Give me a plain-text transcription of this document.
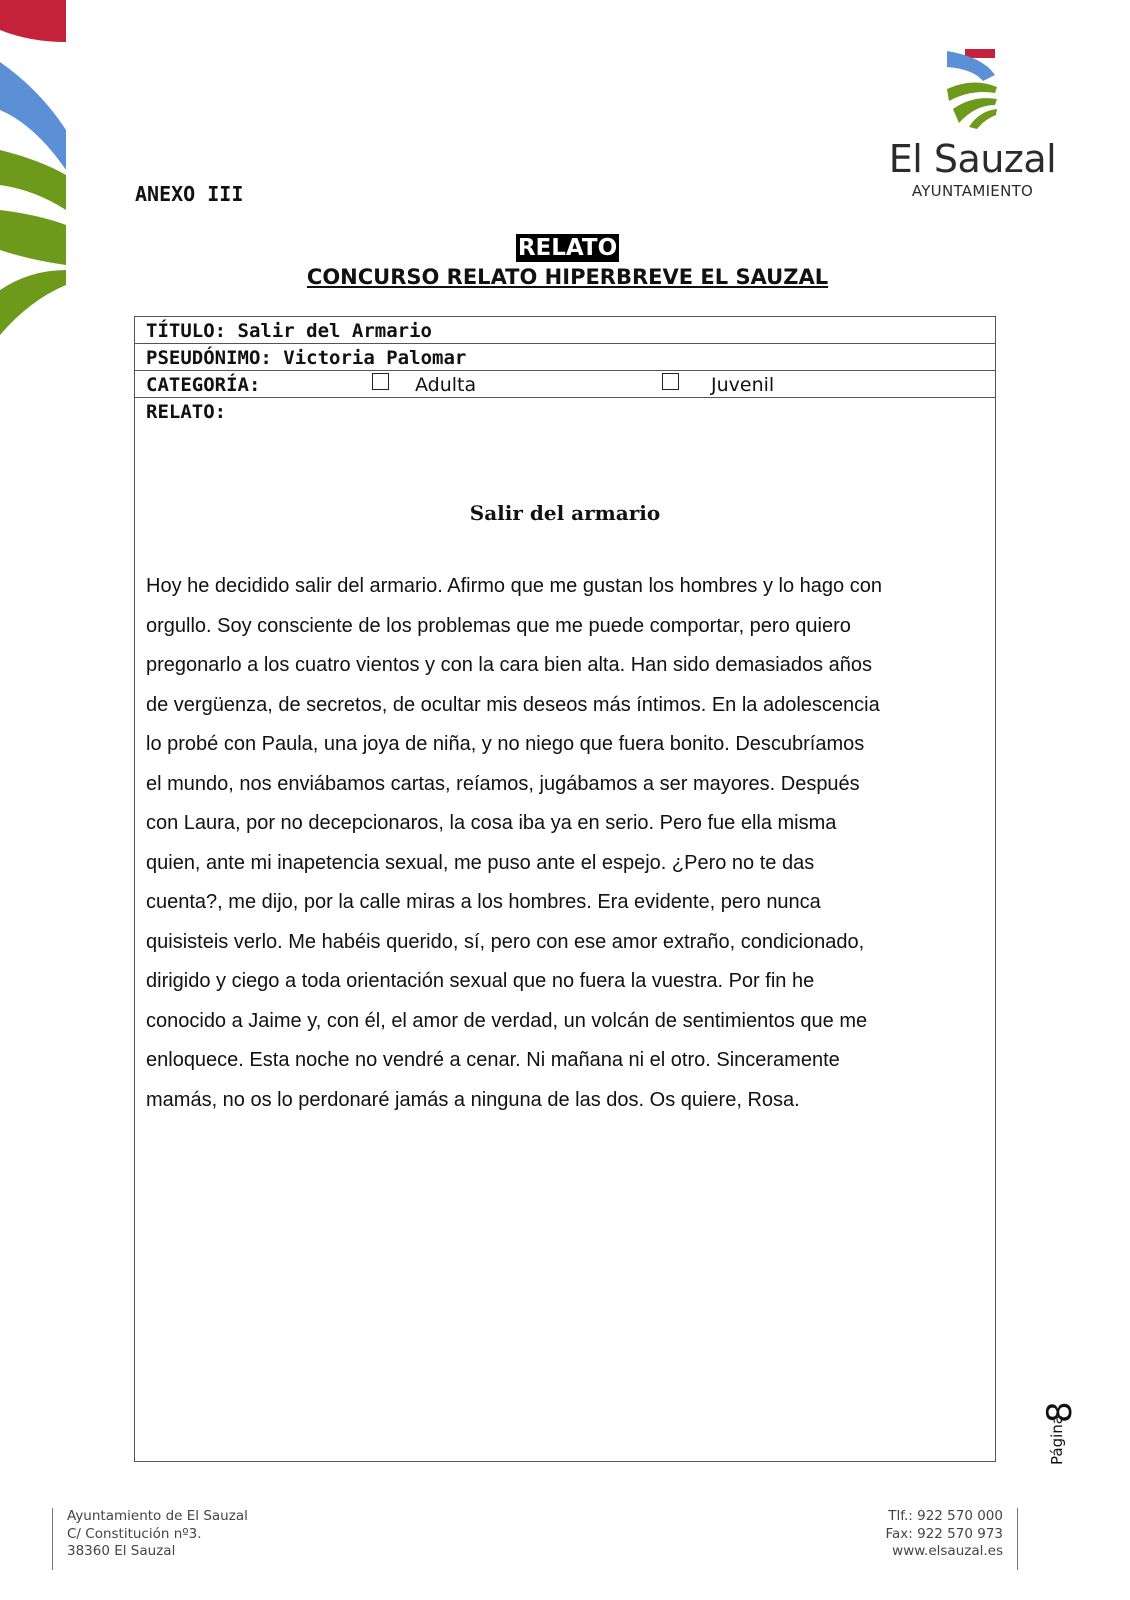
El Sauzal
AYUNTAMIENTO
ANEXO III
RELATO
CONCURSO RELATO HIPERBREVE EL SAUZAL
TÍTULO: Salir del Armario
PSEUDÓNIMO: Victoria Palomar
CATEGORÍA:	Adulta	Juvenil
RELATO:
Salir del armario
Hoy he decidido salir del armario. Afirmo que me gustan los hombres y lo hago con
orgullo. Soy consciente de los problemas que me puede comportar, pero quiero
pregonarlo a los cuatro vientos y con la cara bien alta. Han sido demasiados años
de vergüenza, de secretos, de ocultar mis deseos más íntimos. En la adolescencia
lo probé con Paula, una joya de niña, y no niego que fuera bonito. Descubríamos
el mundo, nos enviábamos cartas, reíamos, jugábamos a ser mayores. Después
con Laura, por no decepcionaros, la cosa iba ya en serio. Pero fue ella misma
quien, ante mi inapetencia sexual, me puso ante el espejo. ¿Pero no te das
cuenta?, me dijo, por la calle miras a los hombres. Era evidente, pero nunca
quisisteis verlo. Me habéis querido, sí, pero con ese amor extraño, condicionado,
dirigido y ciego a toda orientación sexual que no fuera la vuestra. Por fin he
conocido a Jaime y, con él, el amor de verdad, un volcán de sentimientos que me
enloquece. Esta noche no vendré a cenar. Ni mañana ni el otro. Sinceramente
mamás, no os lo perdonaré jamás a ninguna de las dos. Os quiere, Rosa.
Página
8
Ayuntamiento de El Sauzal
C/ Constitución nº3.
38360 El Sauzal
Tlf.: 922 570 000
Fax: 922 570 973
www.elsauzal.es
